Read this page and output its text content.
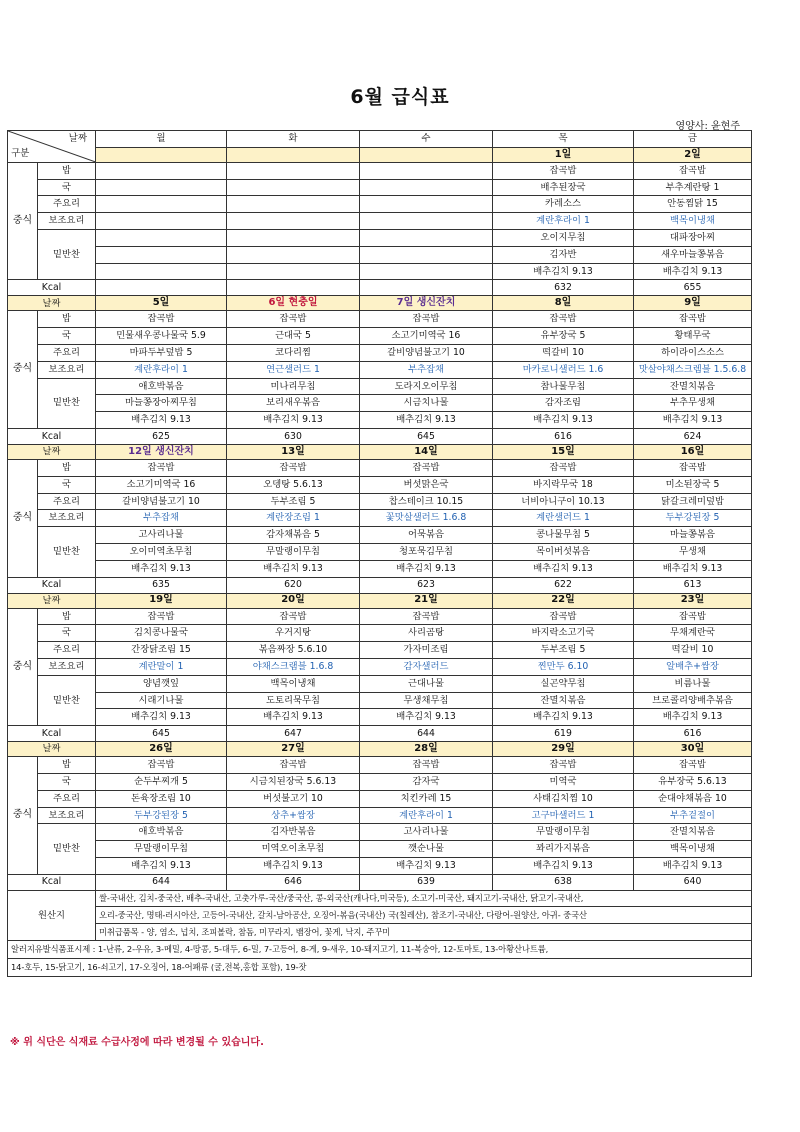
6월 급식표
영양사: 윤현주
날짜
구분		월	화	수	목	금
					1일	2일
중식	밥				잡곡밥	잡곡밥
	국				배추된장국	부추계란탕 1
	주요리				카레소스	안동찜닭 15
	보조요리				계란후라이 1	백목이냉채
	밑반찬				오이지무침	대파장아찌
					김자반	새우마늘쫑볶음
					배추김치 9.13	배추김치 9.13
Kcal					632	655
날짜		5일	6일 현충일	7일 생신잔치	8일	9일
중식	밥	잡곡밥	잡곡밥	잡곡밥	잡곡밥	잡곡밥
	국	민물새우콩나물국 5.9	근대국 5	소고기미역국 16	유부장국 5	황태무국
	주요리	마파두부덮밥 5	코다리찜	갈비양념불고기 10	떡갈비 10	하이라이스소스
	보조요리	계란후라이 1	연근샐러드 1	부추잡채	마카로니샐러드 1.6	맛살야채스크렘블 1.5.6.8
	밑반찬	애호박볶음	미나리무침	도라지오이무침	참나물무침	잔멸치볶음
		마늘쫑장아찌무침	보리새우볶음	시금치나물	감자조림	부추무생채
		배추김치 9.13	배추김치 9.13	배추김치 9.13	배추김치 9.13	배추김치 9.13
Kcal		625	630	645	616	624
날짜		12일 생신잔치	13일	14일	15일	16일
중식	밥	잡곡밥	잡곡밥	잡곡밥	잡곡밥	잡곡밥
	국	소고기미역국 16	오뎅탕 5.6.13	버섯맑은국	바지락무국 18	미소된장국 5
	주요리	갈비양념불고기 10	두부조림 5	찹스테이크 10.15	너비아니구이 10.13	닭갈크레미덮밥
	보조요리	부추잡채	계란장조림 1	꽃맛살샐러드 1.6.8	계란샐러드 1	두부강된장 5
	밑반찬	고사리나물	감자채볶음 5	어묵볶음	콩나물무침 5	마늘쫑볶음
		오이미역초무침	무말랭이무침	청포묵김무침	목이버섯볶음	무생채
		배추김치 9.13	배추김치 9.13	배추김치 9.13	배추김치 9.13	배추김치 9.13
Kcal		635	620	623	622	613
날짜		19일	20일	21일	22일	23일
중식	밥	잡곡밥	잡곡밥	잡곡밥	잡곡밥	잡곡밥
	국	김치콩나물국	우거지탕	사리곰탕	바지락소고기국	무채계란국
	주요리	간장닭조림 15	볶음짜장 5.6.10	가자미조림	두부조림 5	떡갈비 10
	보조요리	계란말이 1	야채스크램블 1.6.8	감자샐러드	찐만두 6.10	알배추+쌈장
	밑반찬	양념깻잎	백목이냉채	근대나물	실곤약무침	비름나물
		시래기나물	도토리묵무침	무생채무침	잔멸치볶음	브로콜리양배추볶음
		배추김치 9.13	배추김치 9.13	배추김치 9.13	배추김치 9.13	배추김치 9.13
Kcal		645	647	644	619	616
날짜		26일	27일	28일	29일	30일
중식	밥	잡곡밥	잡곡밥	잡곡밥	잡곡밥	잡곡밥
	국	순두부찌개 5	시금치된장국 5.6.13	감자국	미역국	유부장국 5.6.13
	주요리	돈육장조림 10	버섯불고기 10	치킨카레 15	사태김치찜 10	순대야채볶음 10
	보조요리	두부강된장 5	상추+쌈장	계란후라이 1	고구마샐러드 1	부추겉절이
	밑반찬	애호박볶음	김자반볶음	고사리나물	무말랭이무침	잔멸치볶음
		무말랭이무침	미역오이초무침	깻순나물	꽈리가지볶음	백목이냉채
		배추김치 9.13	배추김치 9.13	배추김치 9.13	배추김치 9.13	배추김치 9.13
Kcal		644	646	639	638	640
원산지		쌀-국내산, 김치-중국산, 배추-국내산, 고춧가루-국산/중국산, 콩-외국산(캐나다,미국등), 소고기-미국산, 돼지고기-국내산, 닭고기-국내산,				
		오리-중국산, 명태-러시아산, 고등어-국내산, 갈치-남아공산, 오징어-볶음(국내산) 국(칠레산), 참조기-국내산, 다랑어-원양산, 아귀- 중국산				
		미취급품목 - 양, 염소, 넙치, 조피볼락, 참돔, 미꾸라지, 뱀장어, 꽃게, 낙지, 주꾸미				
알러지유발식품표시제 : 1-난류, 2-우유, 3-메밀, 4-땅콩, 5-대두, 6-밀, 7-고등어, 8-게, 9-새우, 10-돼지고기, 11-복숭아, 12-토마토, 13-아황산나트륨,						
14-호두, 15-닭고기, 16-쇠고기, 17-오징어, 18-어패류 (굴,전복,홍합 포함), 19-잣						
※ 위 식단은 식재료 수급사정에 따라 변경될 수 있습니다.
